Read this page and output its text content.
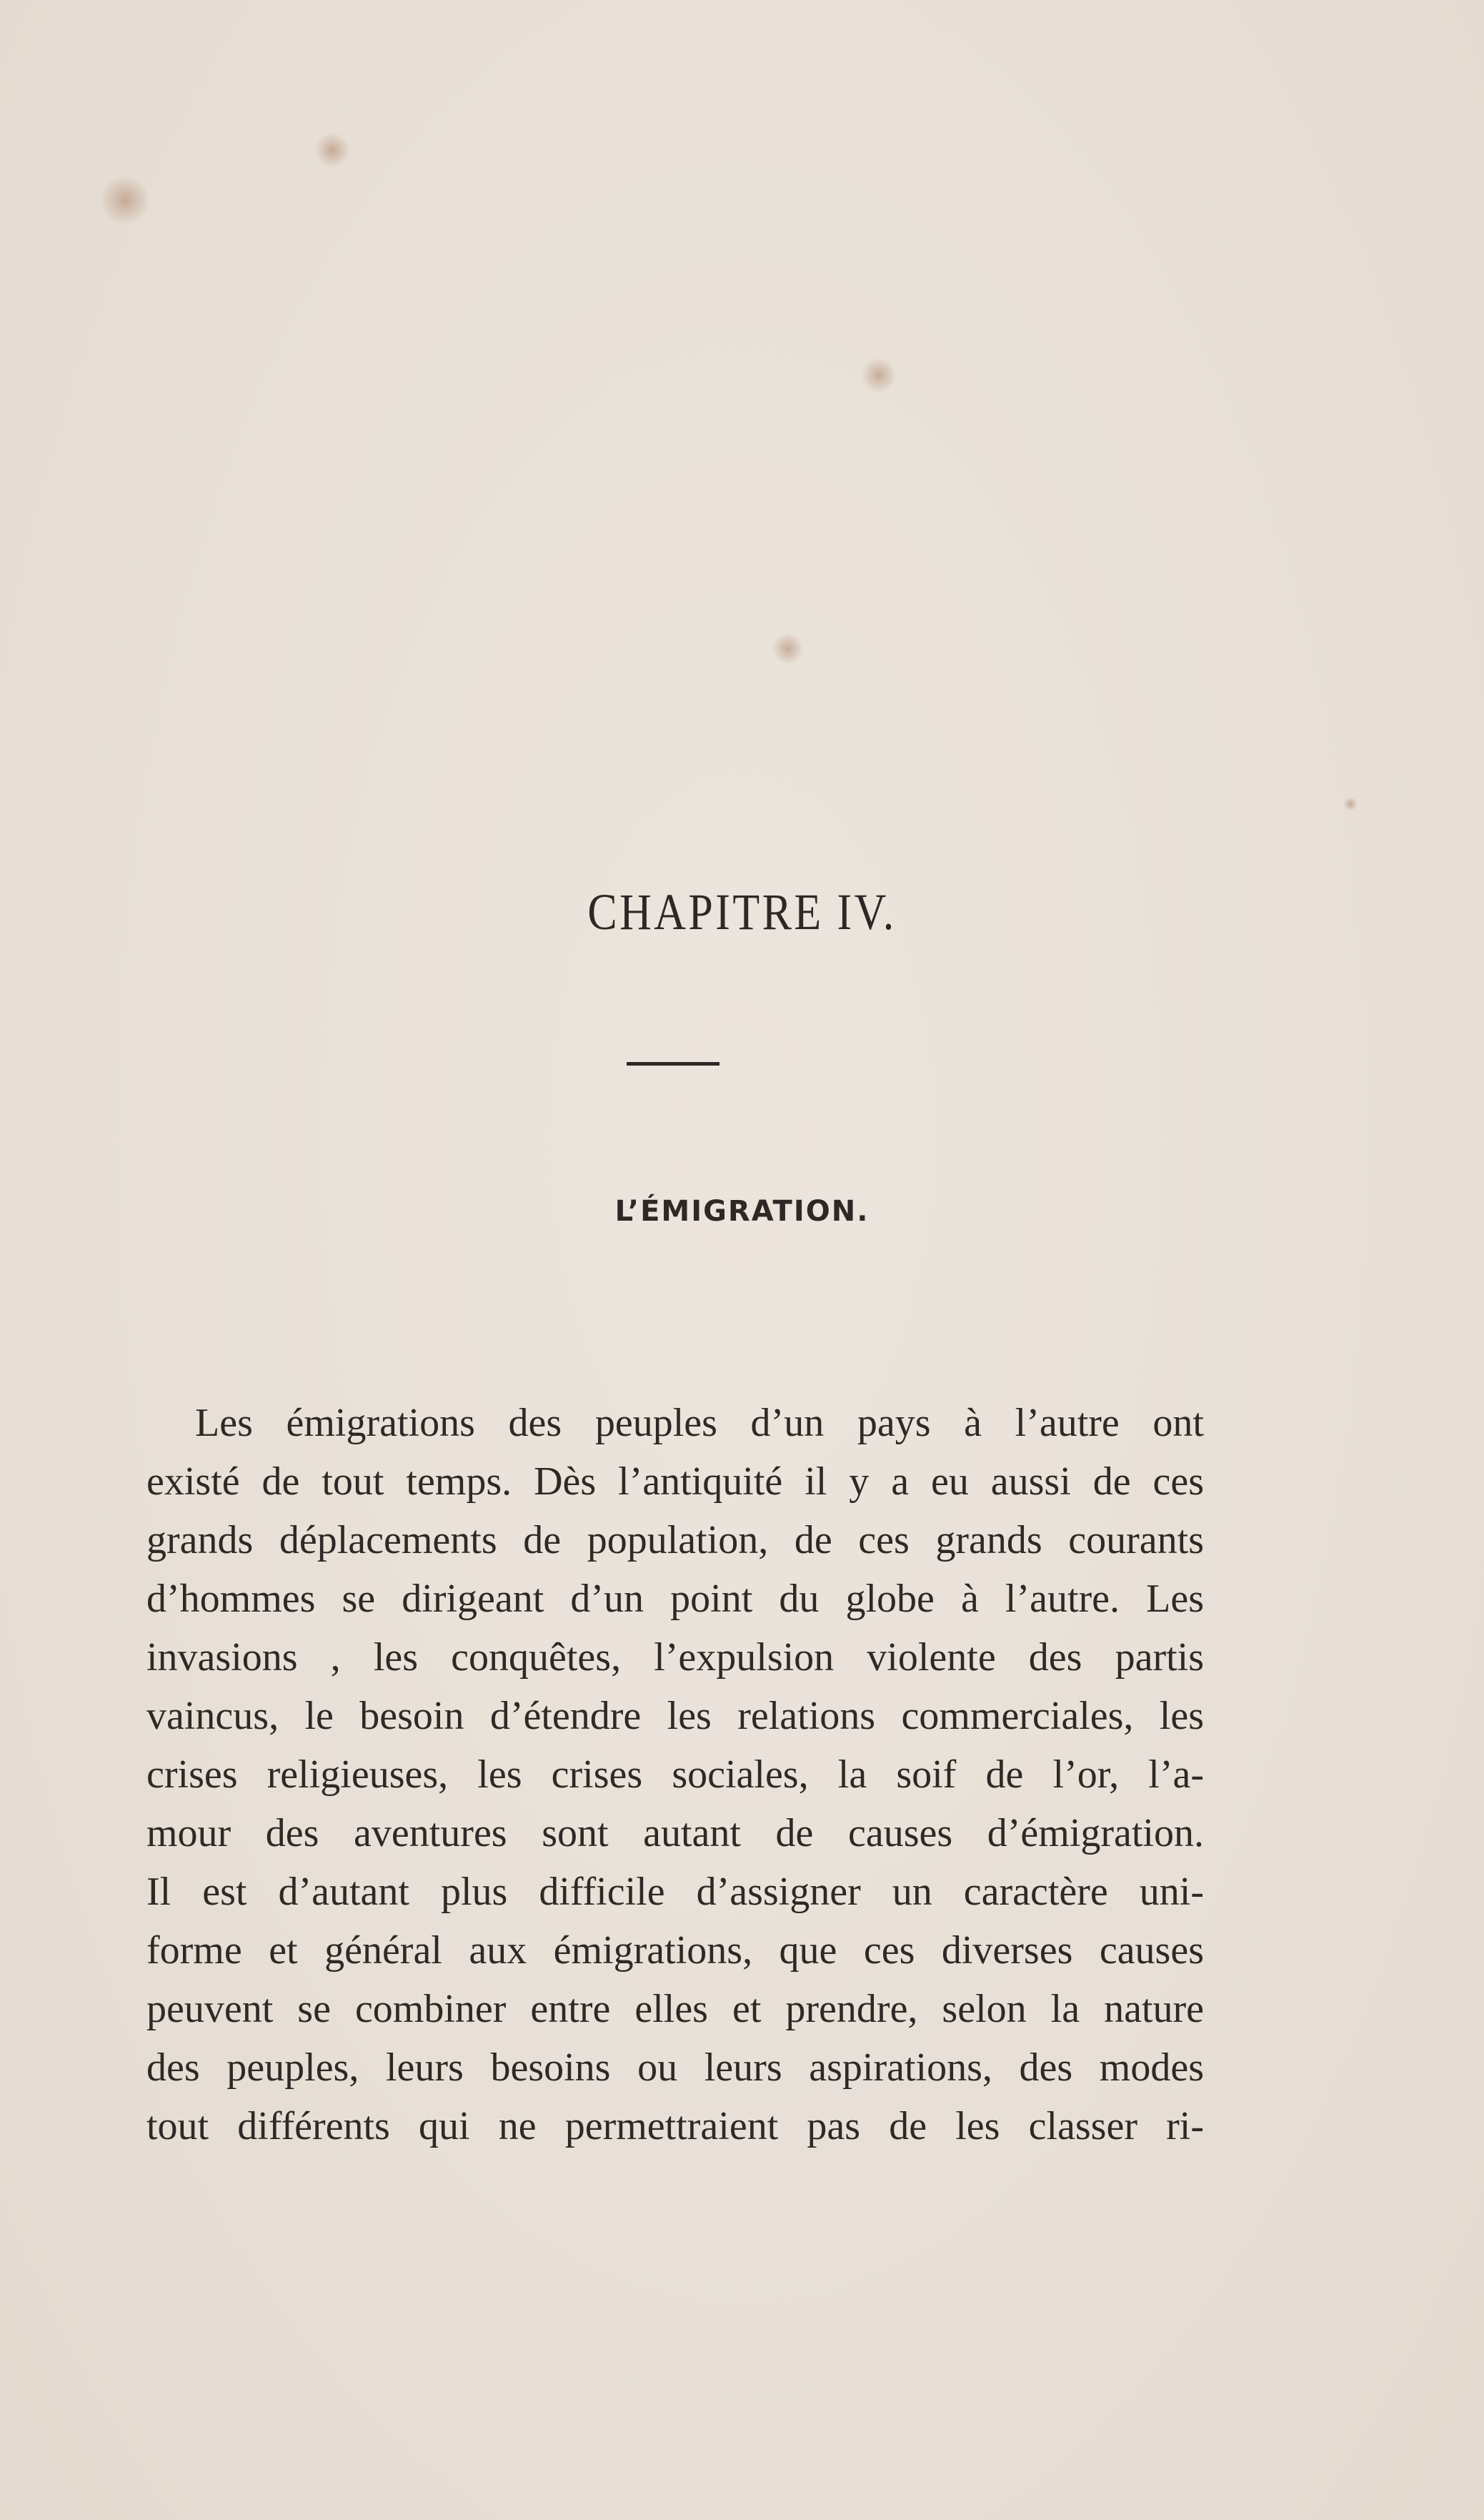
CHAPITRE IV.
L’ÉMIGRATION.
Les émigrations des peuples d’un pays à l’autre ont
existé de tout temps. Dès l’antiquité il y a eu aussi de ces
grands déplacements de population, de ces grands courants
d’hommes se dirigeant d’un point du globe à l’autre. Les
invasions , les conquêtes, l’expulsion violente des partis
vaincus, le besoin d’étendre les relations commerciales, les
crises religieuses, les crises sociales, la soif de l’or, l’a-
mour des aventures sont autant de causes d’émigration.
Il est d’autant plus difficile d’assigner un caractère uni-
forme et général aux émigrations, que ces diverses causes
peuvent se combiner entre elles et prendre, selon la nature
des peuples, leurs besoins ou leurs aspirations, des modes
tout différents qui ne permettraient pas de les classer ri-
